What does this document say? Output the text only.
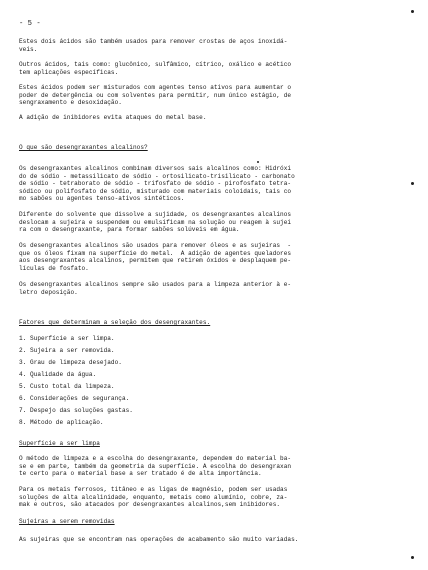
- 5 -
Estes dois ácidos são também usados para remover crostas de aços inoxidá-
veis.
Outros ácidos, tais como: glucônico, sulfâmico, cítrico, oxálico e acético
tem aplicações específicas.
Estes ácidos podem ser misturados com agentes tenso ativos para aumentar o
poder de detergência ou com solventes para permitir, num único estágio, de
sengraxamento e desoxidação.
A adição de inibidores evita ataques do metal base.
O que são desengraxantes alcalinos?
Os desengraxantes alcalinos combinam diversos sais alcalinos como: Hidróxi
do de sódio - metassilicato de sódio - ortosilicato-trisilicato - carbonato
de sódio - tetraborato de sódio - trifosfato de sódio - pirofosfato tetra-
sódico ou polifosfato de sódio, misturado com materiais coloidais, tais co
mo sabões ou agentes tenso-ativos sintéticos.
Diferente do solvente que dissolve a sujidade, os desengraxantes alcalinos
deslocam a sujeira e suspendem ou emulsificam na solução ou reagem à sujei
ra com o desengraxante, para formar sabões solúveis em água.
Os desengraxantes alcalinos são usados para remover óleos e as sujeiras  -
que os óleos fixam na superfície do metal.  A adição de agentes queladores
aos desengraxantes alcalinos, permitem que retirem óxidos e desplaquem pe-
lículas de fosfato.
Os desengraxantes alcalinos sempre são usados para a limpeza anterior à e-
letro deposição.
Fatores que determinam a seleção dos desengraxantes.
1. Superfície a ser limpa.
2. Sujeira a ser removida.
3. Grau de limpeza desejado.
4. Qualidade da água.
5. Custo total da limpeza.
6. Considerações de segurança.
7. Despejo das soluções gastas.
8. Método de aplicação.
Superfície a ser limpa
O método de limpeza e a escolha do desengraxante, dependem do material ba-
se e em parte, também da geometria da superfície. A escolha do desengraxan
te certo para o material base a ser tratado é de alta importância.
Para os metais ferrosos, titâneo e as ligas de magnésio, podem ser usadas
soluções de alta alcalinidade, enquanto, metais como alumínio, cobre, za-
mak e outros, são atacados por desengraxantes alcalinos,sem inibidores.
Sujeiras a serem removidas
As sujeiras que se encontram nas operações de acabamento são muito variadas.
